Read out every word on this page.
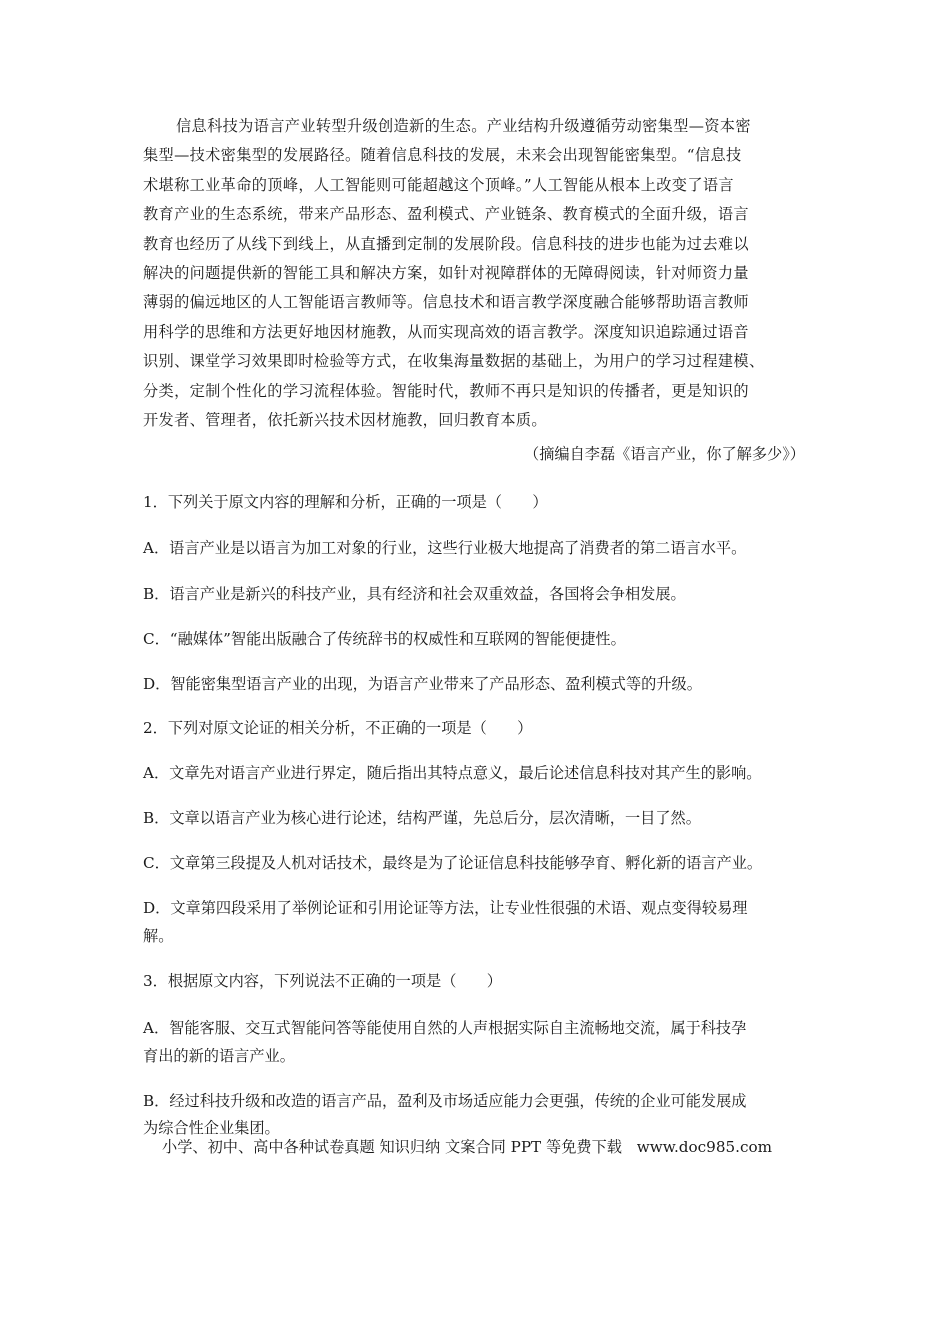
信息科技为语言产业转型升级创造新的生态。产业结构升级遵循劳动密集型—资本密
集型—技术密集型的发展路径。随着信息科技的发展，未来会出现智能密集型。“信息技
术堪称工业革命的顶峰，人工智能则可能超越这个顶峰。”人工智能从根本上改变了语言
教育产业的生态系统，带来产品形态、盈利模式、产业链条、教育模式的全面升级，语言
教育也经历了从线下到线上，从直播到定制的发展阶段。信息科技的进步也能为过去难以
解决的问题提供新的智能工具和解决方案，如针对视障群体的无障碍阅读，针对师资力量
薄弱的偏远地区的人工智能语言教师等。信息技术和语言教学深度融合能够帮助语言教师
用科学的思维和方法更好地因材施教，从而实现高效的语言教学。深度知识追踪通过语音
识别、课堂学习效果即时检验等方式，在收集海量数据的基础上，为用户的学习过程建模、
分类，定制个性化的学习流程体验。智能时代，教师不再只是知识的传播者，更是知识的
开发者、管理者，依托新兴技术因材施教，回归教育本质。
（摘编自李磊《语言产业，你了解多少》）
1．下列关于原文内容的理解和分析，正确的一项是（　　）
A．语言产业是以语言为加工对象的行业，这些行业极大地提高了消费者的第二语言水平。
B．语言产业是新兴的科技产业，具有经济和社会双重效益，各国将会争相发展。
C．“融媒体”智能出版融合了传统辞书的权威性和互联网的智能便捷性。
D．智能密集型语言产业的出现，为语言产业带来了产品形态、盈利模式等的升级。
2．下列对原文论证的相关分析，不正确的一项是（　　）
A．文章先对语言产业进行界定，随后指出其特点意义，最后论述信息科技对其产生的影响。
B．文章以语言产业为核心进行论述，结构严谨，先总后分，层次清晰，一目了然。
C．文章第三段提及人机对话技术，最终是为了论证信息科技能够孕育、孵化新的语言产业。
D．文章第四段采用了举例论证和引用论证等方法，让专业性很强的术语、观点变得较易理
解。
3．根据原文内容，下列说法不正确的一项是（　　）
A．智能客服、交互式智能问答等能使用自然的人声根据实际自主流畅地交流，属于科技孕
育出的新的语言产业。
B．经过科技升级和改造的语言产品，盈利及市场适应能力会更强，传统的企业可能发展成
为综合性企业集团。
小学、初中、高中各种试卷真题 知识归纳 文案合同 PPT 等免费下载 www.doc985.com
